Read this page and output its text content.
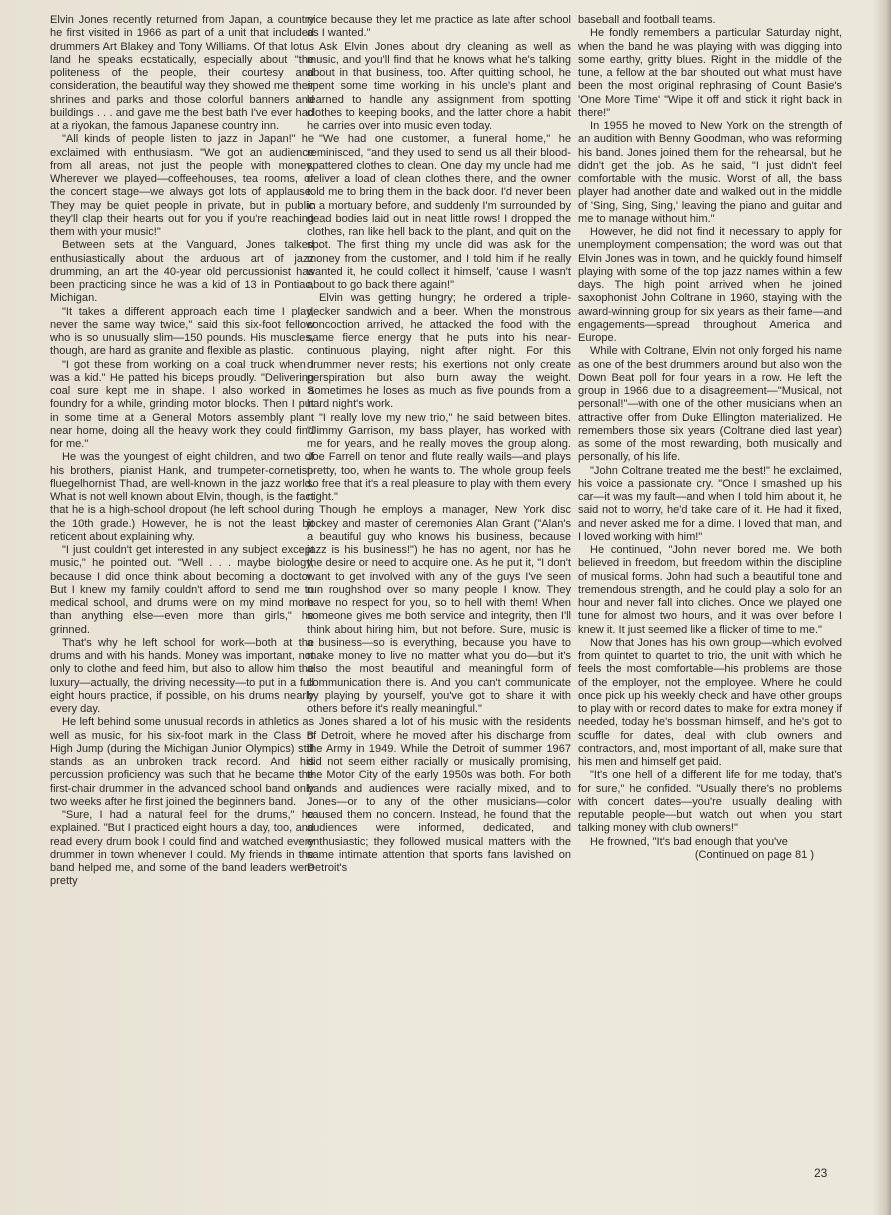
Elvin Jones recently returned from Japan, a country he first visited in 1966 as part of a unit that included drummers Art Blakey and Tony Williams. Of that lotus land he speaks ecstatically, especially about "the politeness of the people, their courtesy and consideration, the beautiful way they showed me their shrines and parks and those colorful banners and buildings . . . and gave me the best bath I've ever had at a riyokan, the famous Japanese country inn.

"All kinds of people listen to jazz in Japan!" he exclaimed with enthusiasm. "We got an audience from all areas, not just the people with money. Wherever we played—coffeehouses, tea rooms, or the concert stage—we always got lots of applause. They may be quiet people in private, but in public they'll clap their hearts out for you if you're reaching them with your music!"

Between sets at the Vanguard, Jones talked enthusiastically about the arduous art of jazz drumming, an art the 40-year old percussionist has been practicing since he was a kid of 13 in Pontiac, Michigan.

"It takes a different approach each time I play, never the same way twice," said this six-foot fellow who is so unusually slim—150 pounds. His muscles, though, are hard as granite and flexible as plastic.

"I got these from working on a coal truck when I was a kid." He patted his biceps proudly. "Delivering coal sure kept me in shape. I also worked in a foundry for a while, grinding motor blocks. Then I put in some time at a General Motors assembly plant near home, doing all the heavy work they could find for me."

He was the youngest of eight children, and two of his brothers, pianist Hank, and trumpeter-cornetist-fluegelhornist Thad, are well-known in the jazz world. What is not well known about Elvin, though, is the fact that he is a high-school dropout (he left school during the 10th grade.) However, he is not the least bit reticent about explaining why.

"I just couldn't get interested in any subject except music," he pointed out. "Well . . . maybe biology, because I did once think about becoming a doctor. But I knew my family couldn't afford to send me to medical school, and drums were on my mind more than anything else—even more than girls," he grinned.

That's why he left school for work—both at the drums and with his hands. Money was important, not only to clothe and feed him, but also to allow him the luxury—actually, the driving necessity—to put in a full eight hours practice, if possible, on his drums nearly every day.

He left behind some unusual records in athletics as well as music, for his six-foot mark in the Class B High Jump (during the Michigan Junior Olympics) still stands as an unbroken track record. And his percussion proficiency was such that he became the first-chair drummer in the advanced school band only two weeks after he first joined the beginners band.

"Sure, I had a natural feel for the drums," he explained. "But I practiced eight hours a day, too, and read every drum book I could find and watched every drummer in town whenever I could. My friends in the band helped me, and some of the band leaders were pretty

nice because they let me practice as late after school as I wanted."

Ask Elvin Jones about dry cleaning as well as music, and you'll find that he knows what he's talking about in that business, too. After quitting school, he spent some time working in his uncle's plant and learned to handle any assignment from spotting clothes to keeping books, and the latter chore a habit he carries over into music even today.

"We had one customer, a funeral home," he reminisced, "and they used to send us all their blood-spattered clothes to clean. One day my uncle had me deliver a load of clean clothes there, and the owner told me to bring them in the back door. I'd never been in a mortuary before, and suddenly I'm surrounded by dead bodies laid out in neat little rows! I dropped the clothes, ran like hell back to the plant, and quit on the spot. The first thing my uncle did was ask for the money from the customer, and I told him if he really wanted it, he could collect it himself, 'cause I wasn't about to go back there again!"

Elvin was getting hungry; he ordered a triple-decker sandwich and a beer. When the monstrous concoction arrived, he attacked the food with the same fierce energy that he puts into his near-continuous playing, night after night. For this drummer never rests; his exertions not only create perspiration but also burn away the weight. Sometimes he loses as much as five pounds from a hard night's work.

"I really love my new trio," he said between bites. "Jimmy Garrison, my bass player, has worked with me for years, and he really moves the group along. Joe Farrell on tenor and flute really wails—and plays pretty, too, when he wants to. The whole group feels so free that it's a real pleasure to play with them every night."

Though he employs a manager, New York disc jockey and master of ceremonies Alan Grant ("Alan's a beautiful guy who knows his business, because jazz is his business!") he has no agent, nor has he the desire or need to acquire one. As he put it, "I don't want to get involved with any of the guys I've seen run roughshod over so many people I know. They have no respect for you, so to hell with them! When someone gives me both service and integrity, then I'll think about hiring him, but not before. Sure, music is a business—so is everything, because you have to make money to live no matter what you do—but it's also the most beautiful and meaningful form of communication there is. And you can't communicate by playing by yourself, you've got to share it with others before it's really meaningful."

Jones shared a lot of his music with the residents of Detroit, where he moved after his discharge from the Army in 1949. While the Detroit of summer 1967 did not seem either racially or musically promising, the Motor City of the early 1950s was both. For both bands and audiences were racially mixed, and to Jones—or to any of the other musicians—color caused them no concern. Instead, he found that the audiences were informed, dedicated, and enthusiastic; they followed musical matters with the same intimate attention that sports fans lavished on Detroit's

baseball and football teams.

He fondly remembers a particular Saturday night, when the band he was playing with was digging into some earthy, gritty blues. Right in the middle of the tune, a fellow at the bar shouted out what must have been the most original rephrasing of Count Basie's 'One More Time' "Wipe it off and stick it right back in there!"

In 1955 he moved to New York on the strength of an audition with Benny Goodman, who was reforming his band. Jones joined them for the rehearsal, but he didn't get the job. As he said, "I just didn't feel comfortable with the music. Worst of all, the bass player had another date and walked out in the middle of 'Sing, Sing, Sing,' leaving the piano and guitar and me to manage without him."

However, he did not find it necessary to apply for unemployment compensation; the word was out that Elvin Jones was in town, and he quickly found himself playing with some of the top jazz names within a few days. The high point arrived when he joined saxophonist John Coltrane in 1960, staying with the award-winning group for six years as their fame—and engagements—spread throughout America and Europe.

While with Coltrane, Elvin not only forged his name as one of the best drummers around but also won the Down Beat poll for four years in a row. He left the group in 1966 due to a disagreement—"Musical, not personal!"—with one of the other musicians when an attractive offer from Duke Ellington materialized. He remembers those six years (Coltrane died last year) as some of the most rewarding, both musically and personally, of his life.

"John Coltrane treated me the best!" he exclaimed, his voice a passionate cry. "Once I smashed up his car—it was my fault—and when I told him about it, he said not to worry, he'd take care of it. He had it fixed, and never asked me for a dime. I loved that man, and I loved working with him!"

He continued, "John never bored me. We both believed in freedom, but freedom within the discipline of musical forms. John had such a beautiful tone and tremendous strength, and he could play a solo for an hour and never fall into cliches. Once we played one tune for almost two hours, and it was over before I knew it. It just seemed like a flicker of time to me."

Now that Jones has his own group—which evolved from quintet to quartet to trio, the unit with which he feels the most comfortable—his problems are those of the employer, not the employee. Where he could once pick up his weekly check and have other groups to play with or record dates to make for extra money if needed, today he's bossman himself, and he's got to scuffle for dates, deal with club owners and contractors, and, most important of all, make sure that his men and himself get paid.

"It's one hell of a different life for me today, that's for sure," he confided. "Usually there's no problems with concert dates—you're usually dealing with reputable people—but watch out when you start talking money with club owners!"

He frowned, "It's bad enough that you've

(Continued on page 81 )

23
